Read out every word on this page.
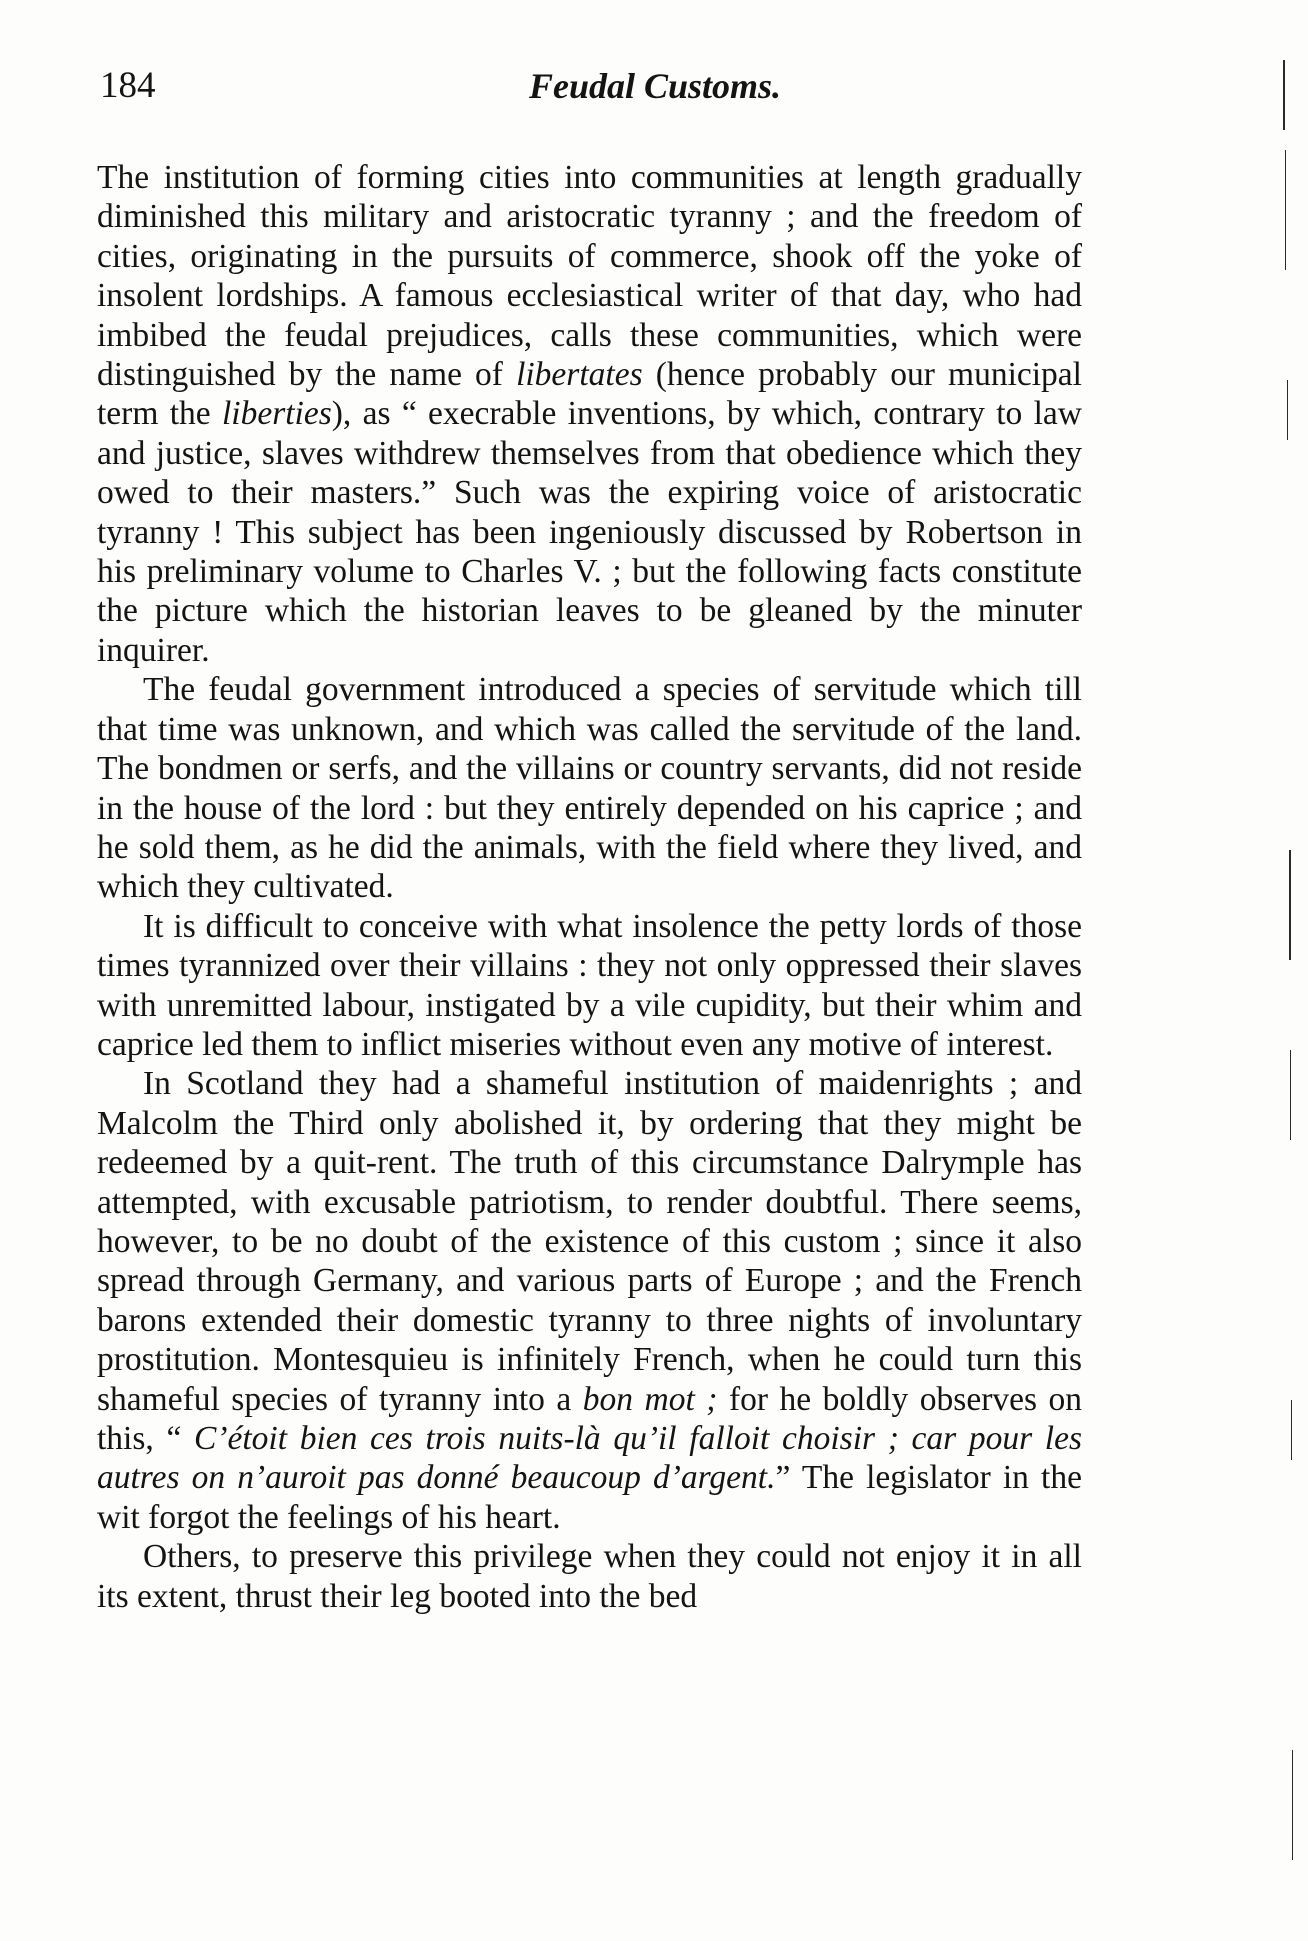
184	Feudal Customs.

The institution of forming cities into communities at length gradually diminished this military and aristocratic tyranny ; and the freedom of cities, originating in the pursuits of commerce, shook off the yoke of insolent lordships. A famous ecclesiastical writer of that day, who had imbibed the feudal prejudices, calls these communities, which were distinguished by the name of libertates (hence probably our municipal term the liberties), as “ execrable inventions, by which, contrary to law and justice, slaves withdrew themselves from that obedience which they owed to their masters.” Such was the expiring voice of aristocratic tyranny ! This subject has been ingeniously discussed by Robertson in his preliminary volume to Charles V. ; but the following facts constitute the picture which the historian leaves to be gleaned by the minuter inquirer.

The feudal government introduced a species of servitude which till that time was unknown, and which was called the servitude of the land. The bondmen or serfs, and the villains or country servants, did not reside in the house of the lord : but they entirely depended on his caprice ; and he sold them, as he did the animals, with the field where they lived, and which they cultivated.

It is difficult to conceive with what insolence the petty lords of those times tyrannized over their villains : they not only oppressed their slaves with unremitted labour, instigated by a vile cupidity, but their whim and caprice led them to inflict miseries without even any motive of interest.

In Scotland they had a shameful institution of maidenrights ; and Malcolm the Third only abolished it, by ordering that they might be redeemed by a quit-rent. The truth of this circumstance Dalrymple has attempted, with excusable patriotism, to render doubtful. There seems, however, to be no doubt of the existence of this custom ; since it also spread through Germany, and various parts of Europe ; and the French barons extended their domestic tyranny to three nights of involuntary prostitution. Montesquieu is infinitely French, when he could turn this shameful species of tyranny into a bon mot ; for he boldly observes on this, “ C’étoit bien ces trois nuits-là qu’il falloit choisir ; car pour les autres on n’auroit pas donné beaucoup d’argent.” The legislator in the wit forgot the feelings of his heart.

Others, to preserve this privilege when they could not enjoy it in all its extent, thrust their leg booted into the bed
